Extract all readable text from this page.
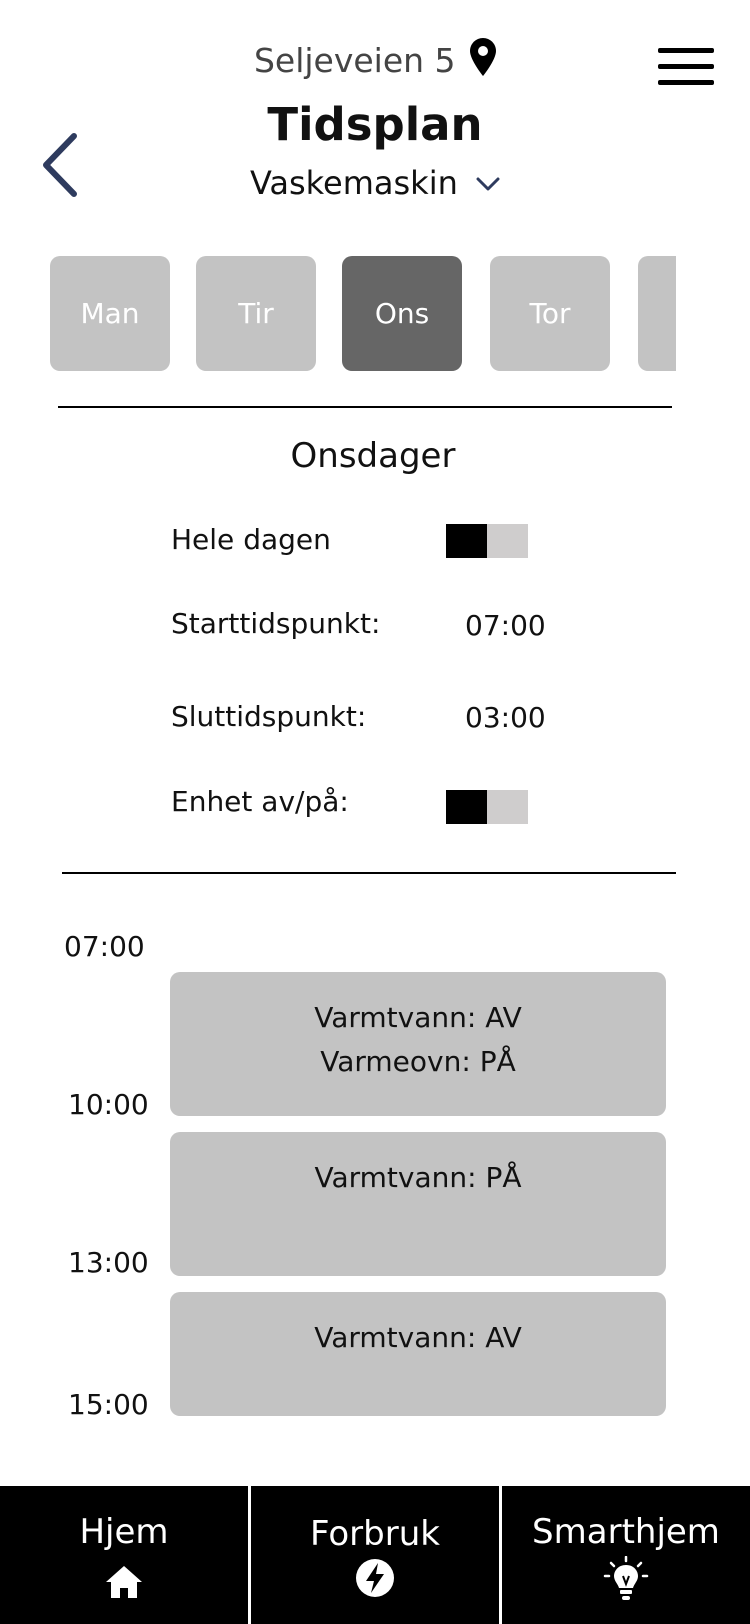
Seljeveien 5
Tidsplan
Vaskemaskin
Man	Tir	Ons	Tor
Onsdager
Hele dagen
Starttidspunkt:	07:00
Sluttidspunkt:	03:00
Enhet av/på:
07:00
10:00
13:00
15:00
Varmtvann: AV
Varmeovn: PÅ
Varmtvann: PÅ
Varmtvann: AV
Hjem	Forbruk	Smarthjem
